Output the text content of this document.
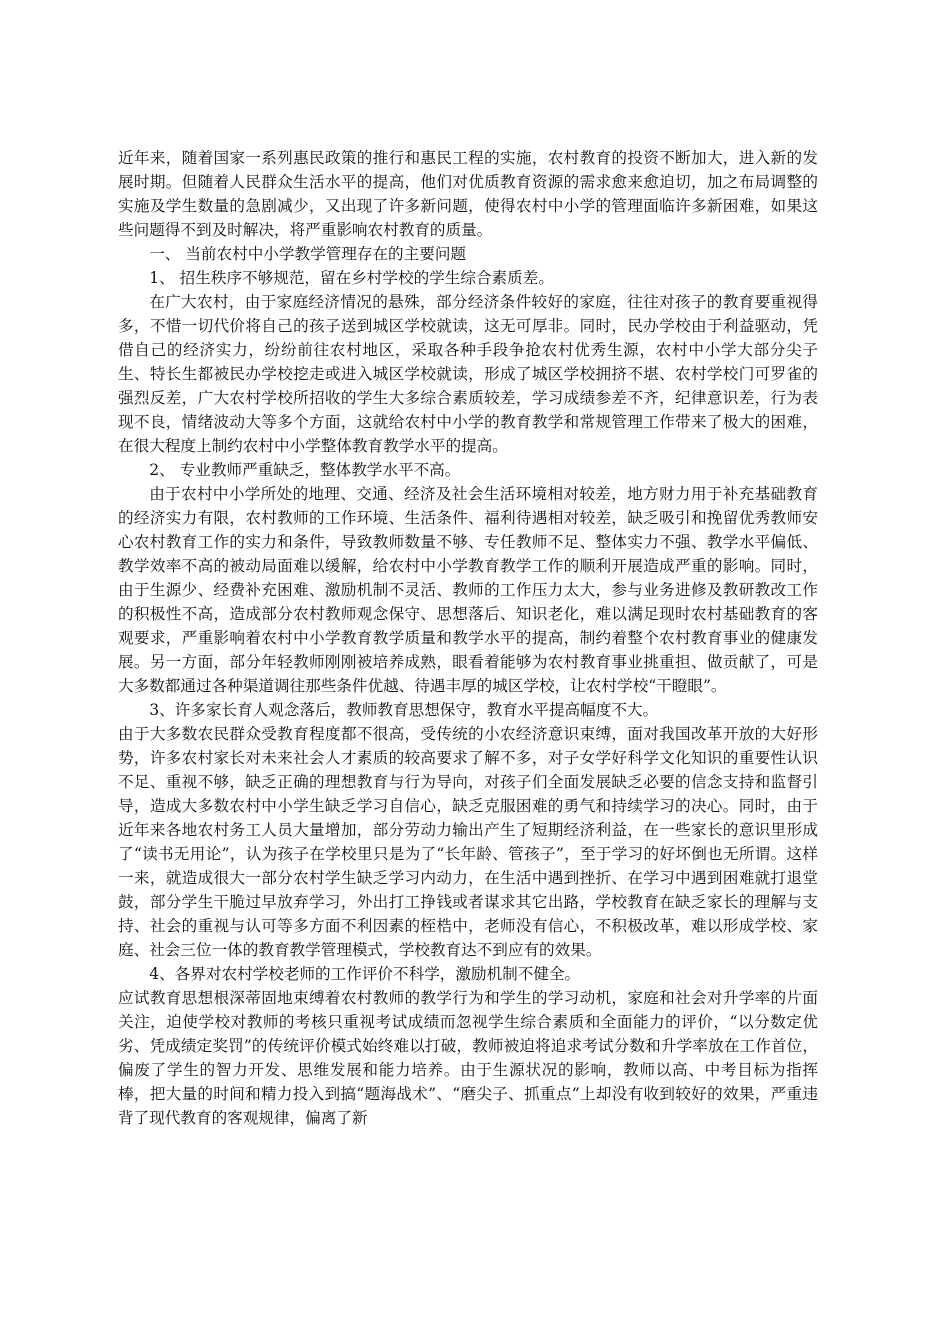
近年来，随着国家一系列惠民政策的推行和惠民工程的实施，农村教育的投资不断加大，进入新的发展时期。但随着人民群众生活水平的提高，他们对优质教育资源的需求愈来愈迫切，加之布局调整的实施及学生数量的急剧减少，又出现了许多新问题，使得农村中小学的管理面临许多新困难，如果这些问题得不到及时解决，将严重影响农村教育的质量。

一、 当前农村中小学教学管理存在的主要问题

1、 招生秩序不够规范，留在乡村学校的学生综合素质差。

在广大农村，由于家庭经济情况的悬殊，部分经济条件较好的家庭，往往对孩子的教育要重视得多，不惜一切代价将自己的孩子送到城区学校就读，这无可厚非。同时，民办学校由于利益驱动，凭借自己的经济实力，纷纷前往农村地区，采取各种手段争抢农村优秀生源，农村中小学大部分尖子生、特长生都被民办学校挖走或进入城区学校就读，形成了城区学校拥挤不堪、农村学校门可罗雀的强烈反差，广大农村学校所招收的学生大多综合素质较差，学习成绩参差不齐，纪律意识差，行为表现不良，情绪波动大等多个方面，这就给农村中小学的教育教学和常规管理工作带来了极大的困难，在很大程度上制约农村中小学整体教育教学水平的提高。

2、 专业教师严重缺乏，整体教学水平不高。

由于农村中小学所处的地理、交通、经济及社会生活环境相对较差，地方财力用于补充基础教育的经济实力有限，农村教师的工作环境、生活条件、福利待遇相对较差，缺乏吸引和挽留优秀教师安心农村教育工作的实力和条件，导致教师数量不够、专任教师不足、整体实力不强、教学水平偏低、教学效率不高的被动局面难以缓解，给农村中小学教育教学工作的顺利开展造成严重的影响。同时，由于生源少、经费补充困难、激励机制不灵活、教师的工作压力太大，参与业务进修及教研教改工作的积极性不高，造成部分农村教师观念保守、思想落后、知识老化，难以满足现时农村基础教育的客观要求，严重影响着农村中小学教育教学质量和教学水平的提高，制约着整个农村教育事业的健康发展。另一方面，部分年轻教师刚刚被培养成熟，眼看着能够为农村教育事业挑重担、做贡献了，可是大多数都通过各种渠道调往那些条件优越、待遇丰厚的城区学校，让农村学校“干瞪眼”。

3、许多家长育人观念落后，教师教育思想保守，教育水平提高幅度不大。

由于大多数农民群众受教育程度都不很高，受传统的小农经济意识束缚，面对我国改革开放的大好形势，许多农村家长对未来社会人才素质的较高要求了解不多，对子女学好科学文化知识的重要性认识不足、重视不够，缺乏正确的理想教育与行为导向，对孩子们全面发展缺乏必要的信念支持和监督引导，造成大多数农村中小学生缺乏学习自信心，缺乏克服困难的勇气和持续学习的决心。同时，由于近年来各地农村务工人员大量增加，部分劳动力输出产生了短期经济利益，在一些家长的意识里形成了“读书无用论”，认为孩子在学校里只是为了“长年龄、管孩子”，至于学习的好坏倒也无所谓。这样一来，就造成很大一部分农村学生缺乏学习内动力，在生活中遇到挫折、在学习中遇到困难就打退堂鼓，部分学生干脆过早放弃学习，外出打工挣钱或者谋求其它出路，学校教育在缺乏家长的理解与支持、社会的重视与认可等多方面不利因素的桎梏中，老师没有信心，不积极改革，难以形成学校、家庭、社会三位一体的教育教学管理模式，学校教育达不到应有的效果。

4、各界对农村学校老师的工作评价不科学，激励机制不健全。

应试教育思想根深蒂固地束缚着农村教师的教学行为和学生的学习动机，家庭和社会对升学率的片面关注，迫使学校对教师的考核只重视考试成绩而忽视学生综合素质和全面能力的评价，“以分数定优劣、凭成绩定奖罚”的传统评价模式始终难以打破，教师被迫将追求考试分数和升学率放在工作首位，偏废了学生的智力开发、思维发展和能力培养。由于生源状况的影响，教师以高、中考目标为指挥棒，把大量的时间和精力投入到搞“题海战术”、“磨尖子、抓重点”上却没有收到较好的效果，严重违背了现代教育的客观规律，偏离了新
